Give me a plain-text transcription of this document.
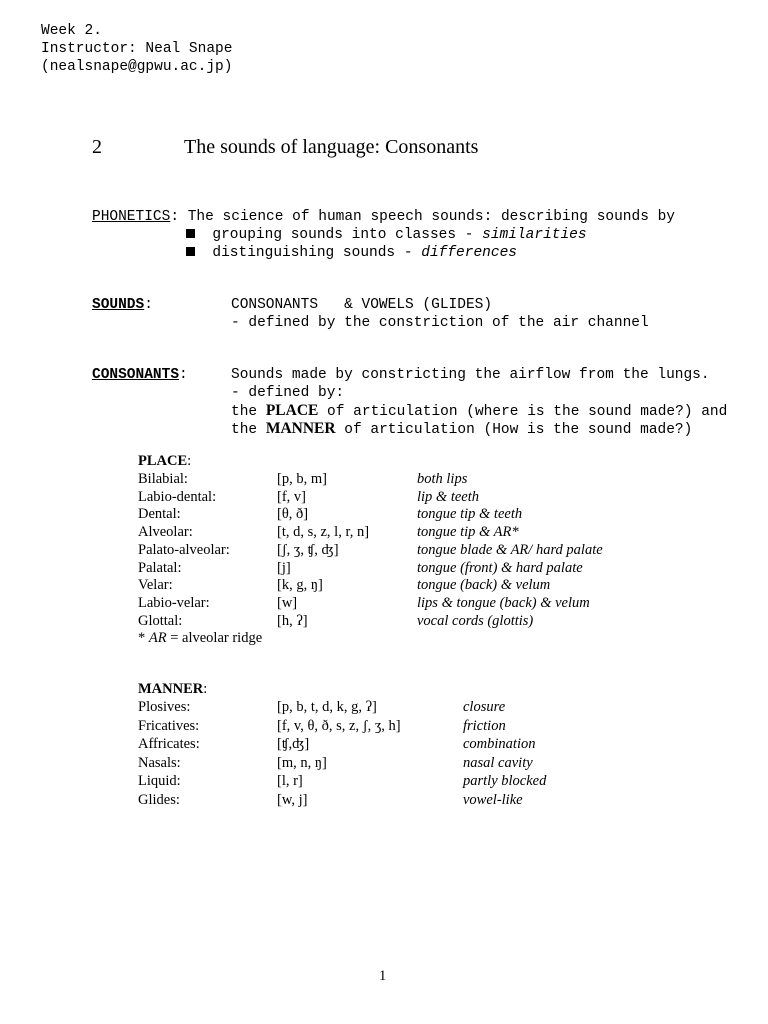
Week 2.
Instructor: Neal Snape
(nealsnape@gpwu.ac.jp)
2	The sounds of language: Consonants
PHONETICS: The science of human speech sounds: describing sounds by
grouping sounds into classes - similarities
distinguishing sounds - differences
SOUNDS:	CONSONANTS   & VOWELS (GLIDES)
- defined by the constriction of the air channel
CONSONANTS:	Sounds made by constricting the airflow from the lungs.
- defined by:
the PLACE of articulation (where is the sound made?) and
the MANNER of articulation (How is the sound made?)
PLACE:
Bilabial:	[p, b, m]	both lips
Labio-dental:	[f, v]	lip & teeth
Dental:	[θ, ð]	tongue tip & teeth
Alveolar:	[t, d, s, z, l, r, n]	tongue tip & AR*
Palato-alveolar:	[ʃ, ʒ, ʧ, ʤ]	tongue blade & AR/ hard palate
Palatal:	[j]	tongue (front) & hard palate
Velar:	[k, g, ŋ]	tongue (back) & velum
Labio-velar:	[w]	lips & tongue (back) & velum
Glottal:	[h, ʔ]	vocal cords (glottis)
* AR = alveolar ridge
MANNER:
Plosives:	[p, b, t, d, k, g, ʔ]	closure
Fricatives:	[f, v, θ, ð, s, z, ʃ, ʒ, h]	friction
Affricates:	[ʧ,ʤ]	combination
Nasals:	[m, n, ŋ]	nasal cavity
Liquid:	[l, r]	partly blocked
Glides:	[w, j]	vowel-like
1
